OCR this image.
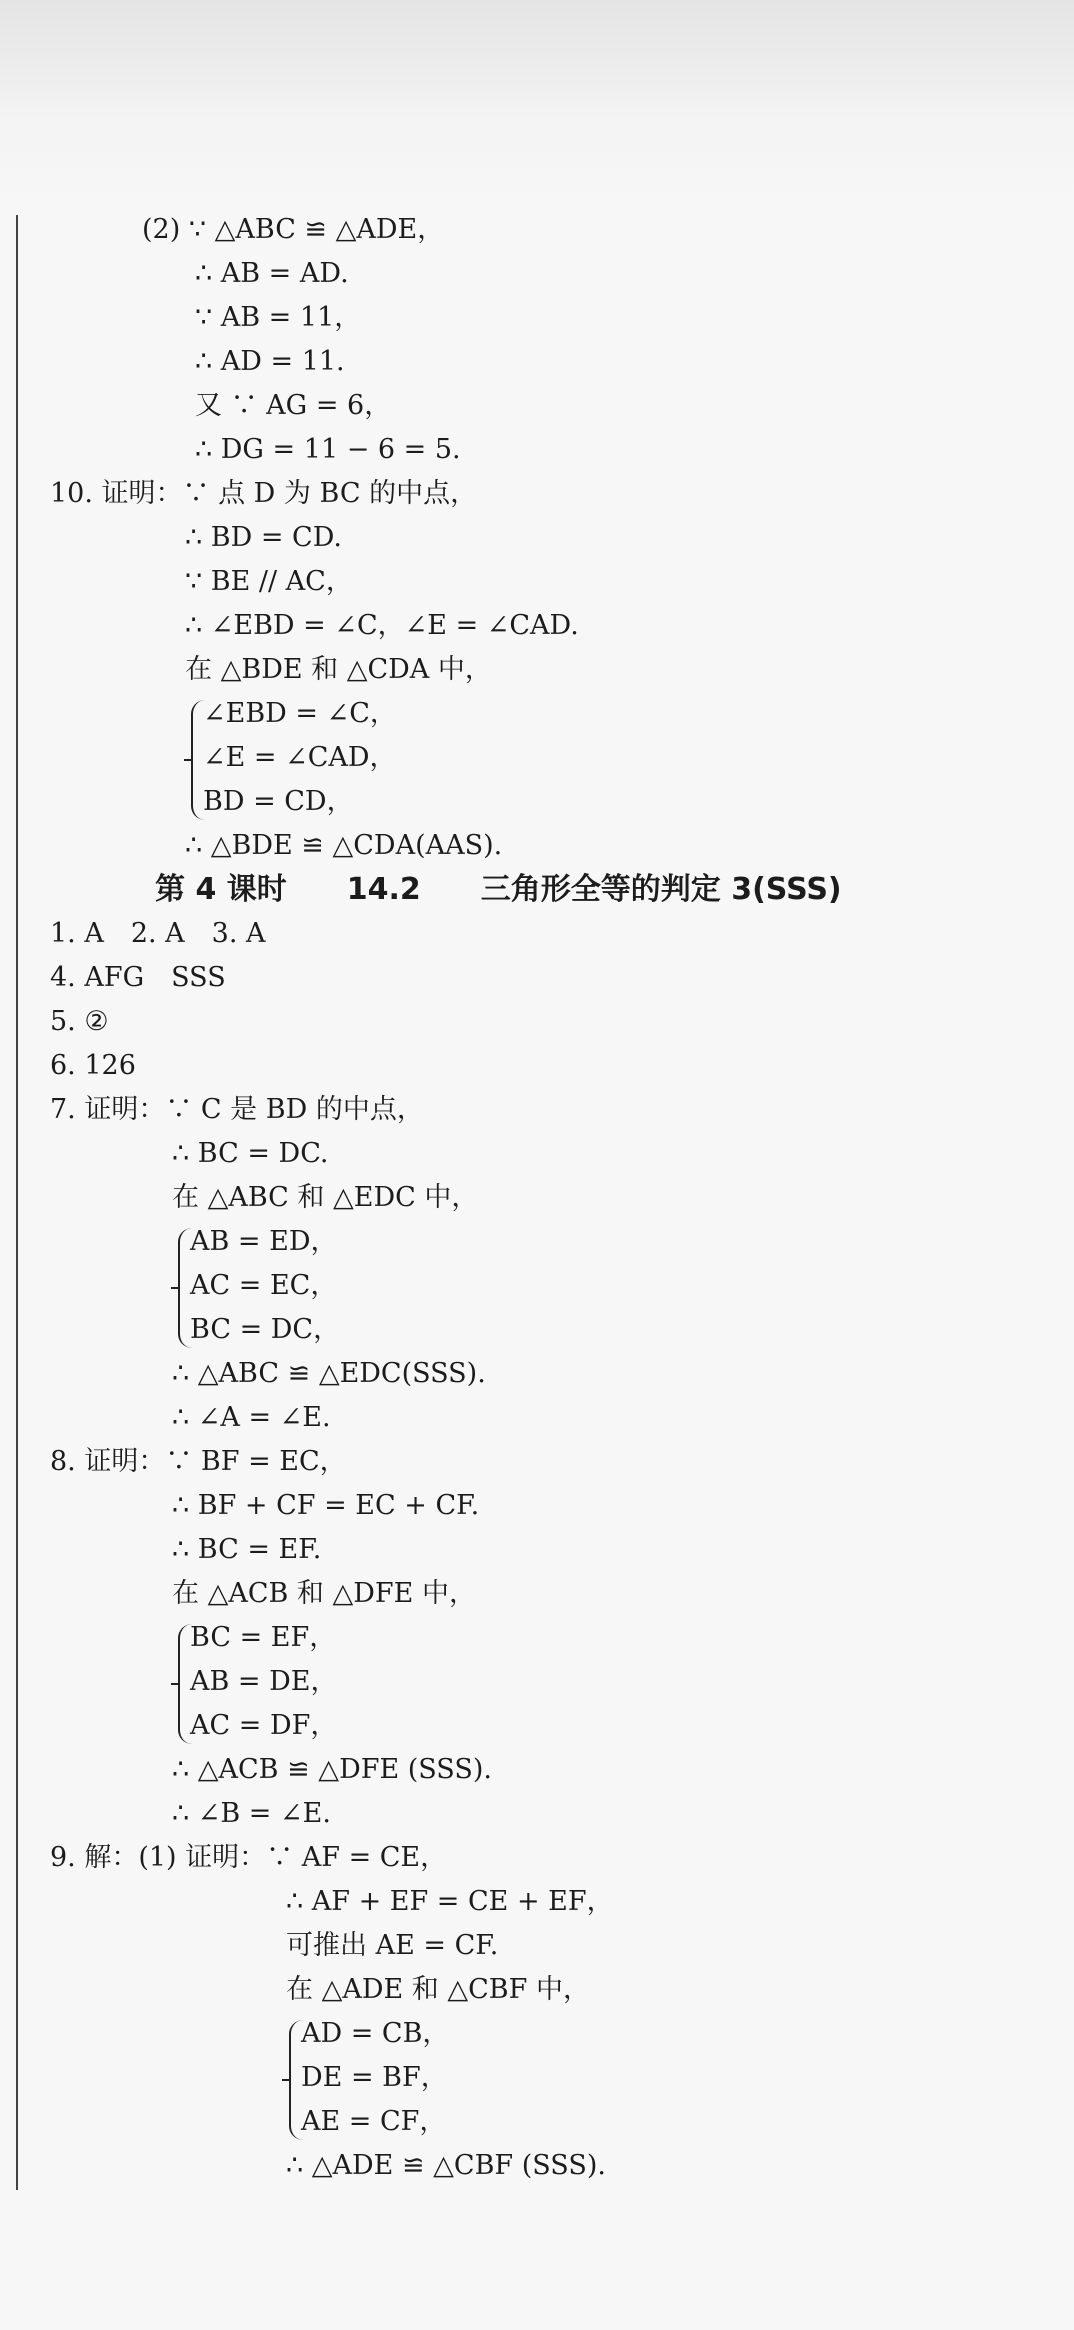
(2) ∵ △ABC ≌ △ADE，
∴ AB = AD.
∵ AB = 11，
∴ AD = 11.
又 ∵ AG = 6，
∴ DG = 11 − 6 = 5.
10. 证明：∵ 点 D 为 BC 的中点，
∴ BD = CD.
∵ BE // AC，
∴ ∠EBD = ∠C，∠E = ∠CAD.
在 △BDE 和 △CDA 中，
∠EBD = ∠C，
∠E = ∠CAD，
BD = CD，
∴ △BDE ≌ △CDA(AAS).
第 4 课时　　14.2　　三角形全等的判定 3(SSS)
1. A　2. A　3. A
4. AFG　SSS
5. ②
6. 126
7. 证明：∵ C 是 BD 的中点，
∴ BC = DC.
在 △ABC 和 △EDC 中，
AB = ED，
AC = EC，
BC = DC，
∴ △ABC ≌ △EDC(SSS).
∴ ∠A = ∠E.
8. 证明：∵ BF = EC，
∴ BF + CF = EC + CF.
∴ BC = EF.
在 △ACB 和 △DFE 中，
BC = EF，
AB = DE，
AC = DF，
∴ △ACB ≌ △DFE (SSS).
∴ ∠B = ∠E.
9. 解：(1) 证明：∵ AF = CE，
∴ AF + EF = CE + EF，
可推出 AE = CF.
在 △ADE 和 △CBF 中，
AD = CB，
DE = BF，
AE = CF，
∴ △ADE ≌ △CBF (SSS).
